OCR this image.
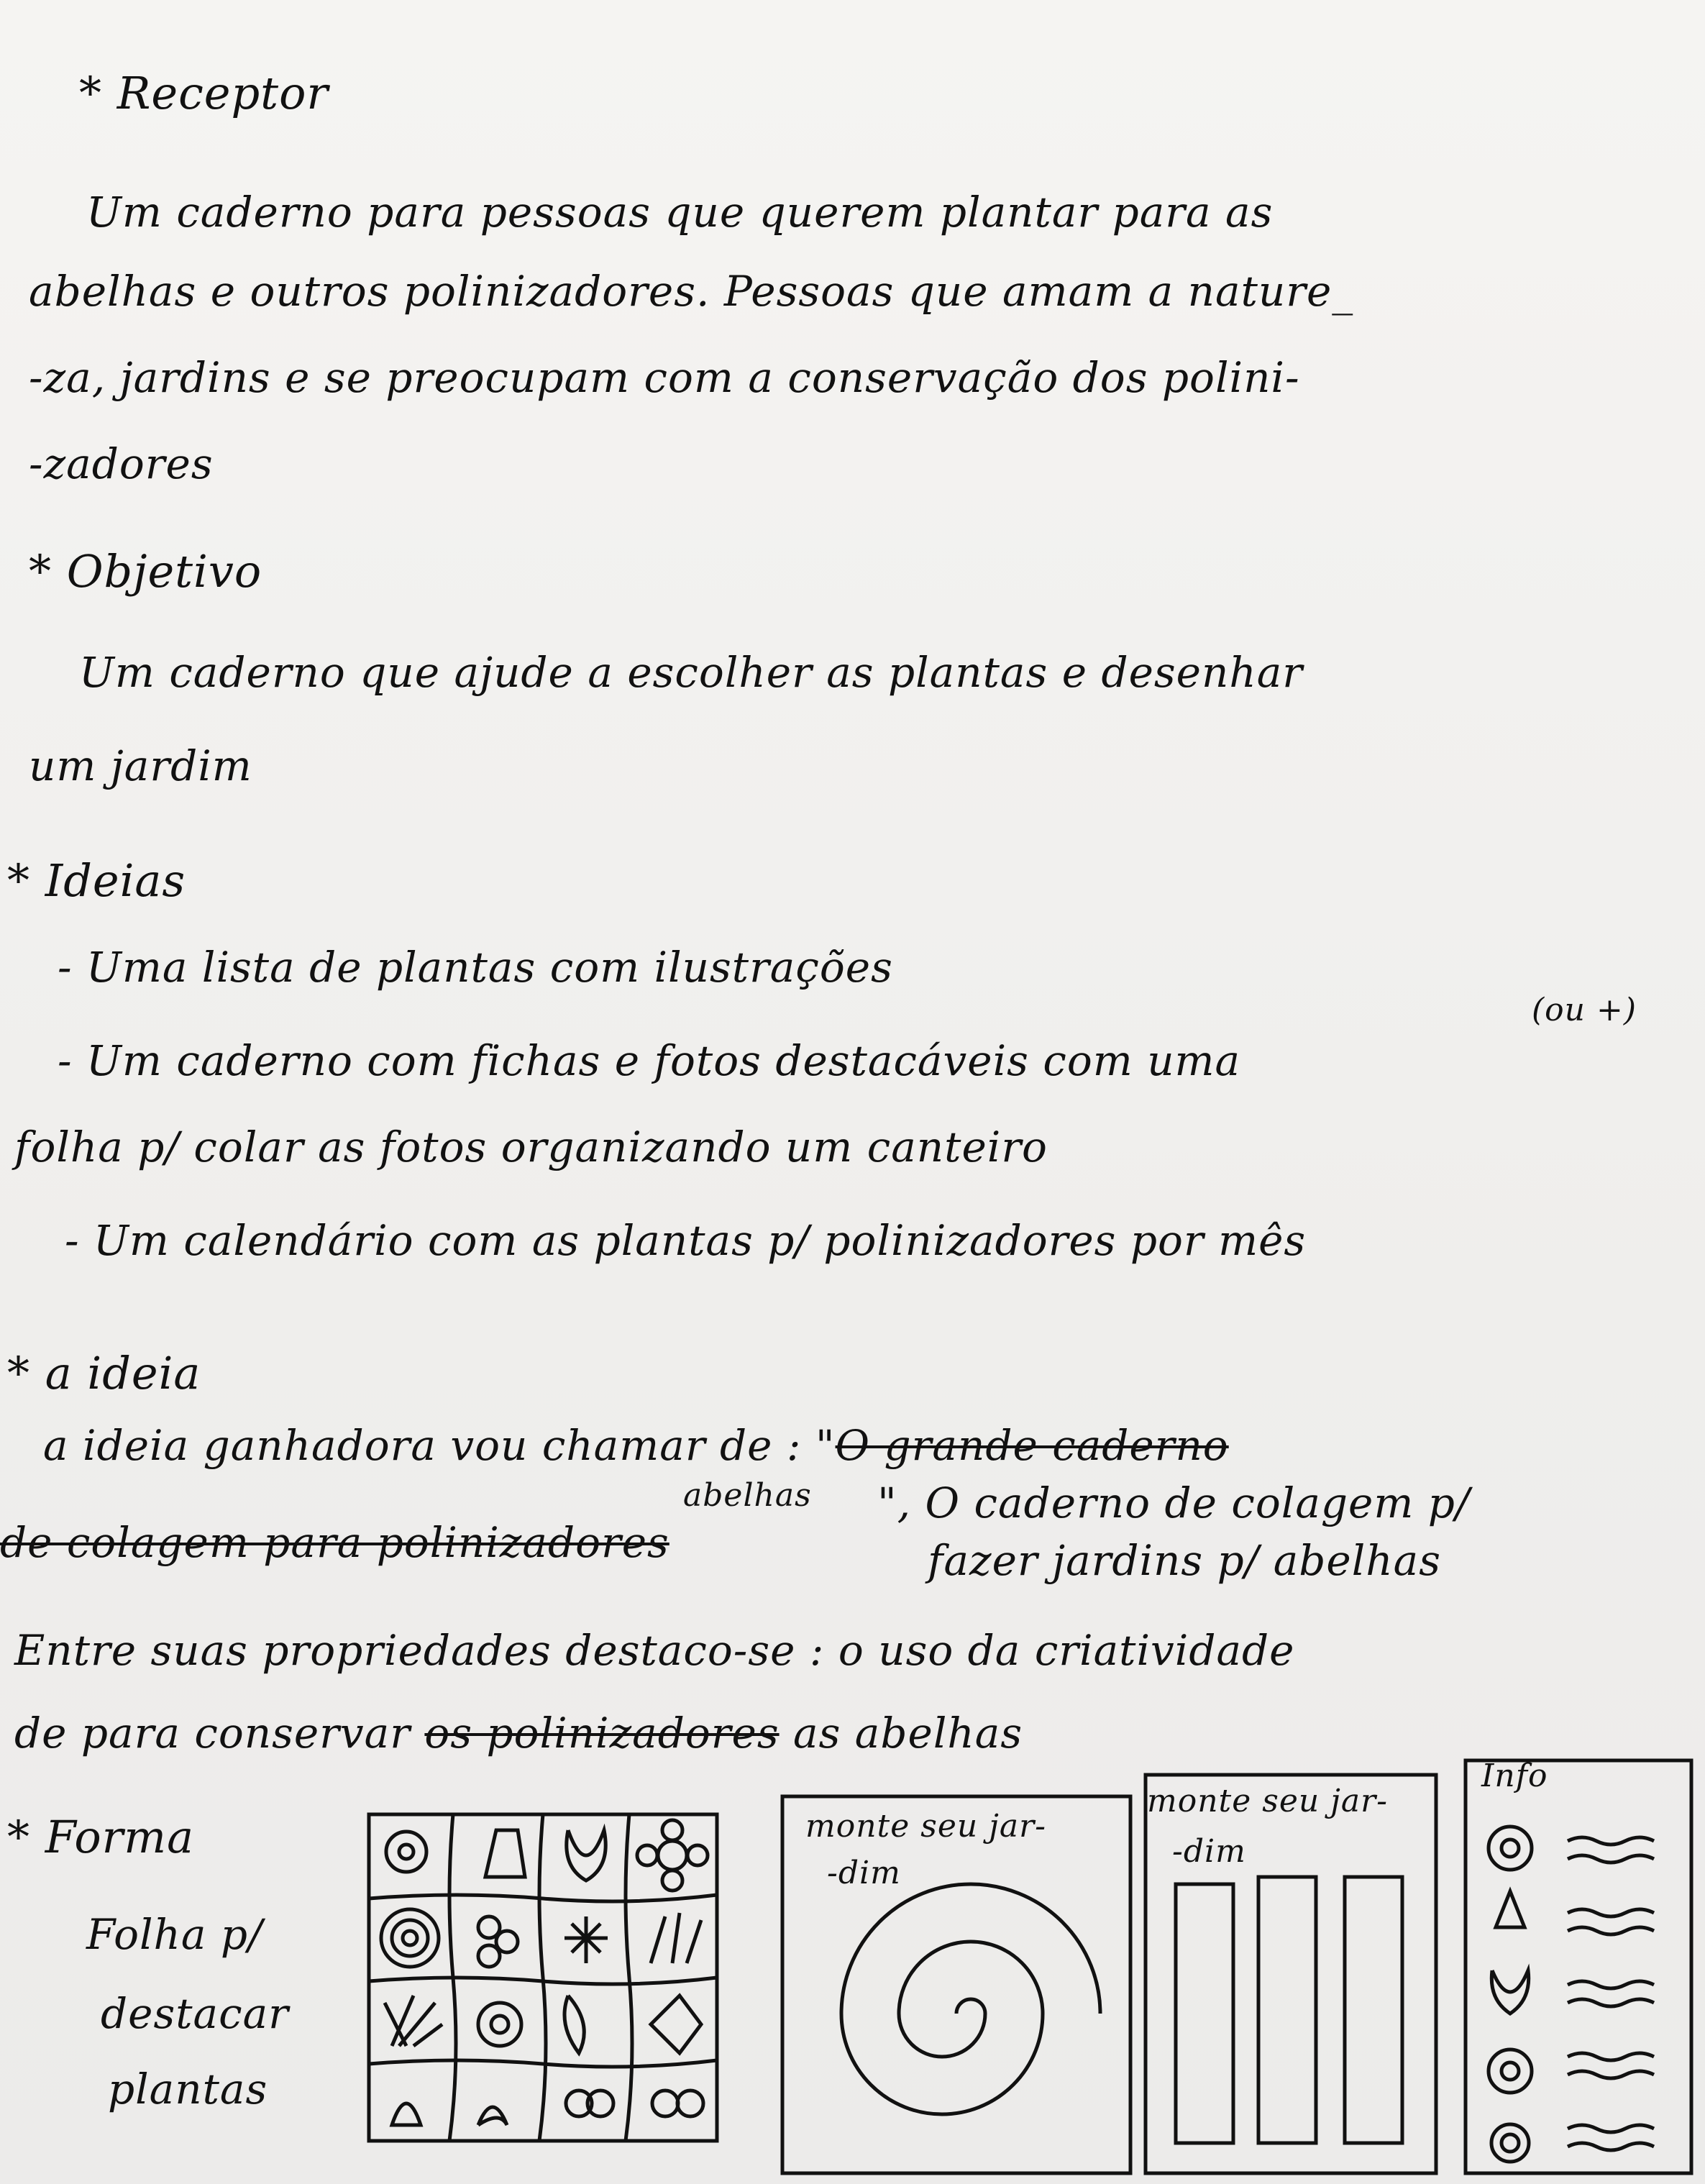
* Receptor
Um caderno para pessoas que querem plantar para as
abelhas e outros polinizadores. Pessoas que amam a nature_
-za, jardins e se preocupam com a conservação dos polini-
-zadores
* Objetivo
Um caderno que ajude a escolher as plantas e desenhar
um jardim
* Ideias
- Uma lista de plantas com ilustrações
(ou +)
- Um caderno com fichas e fotos destacáveis com uma
folha p/ colar as fotos organizando um canteiro
- Um calendário com as plantas p/ polinizadores por mês
* a ideia
a ideia ganhadora vou chamar de : "O grande caderno
abelhas
de colagem para polinizadores
", O caderno de colagem p/
fazer jardins p/ abelhas
Entre suas propriedades destaco-se : o uso da criatividade
de para conservar os polinizadores as abelhas
* Forma
Folha p/
destacar
plantas
monte seu jar-
-dim
monte seu jar-
-dim
Info
